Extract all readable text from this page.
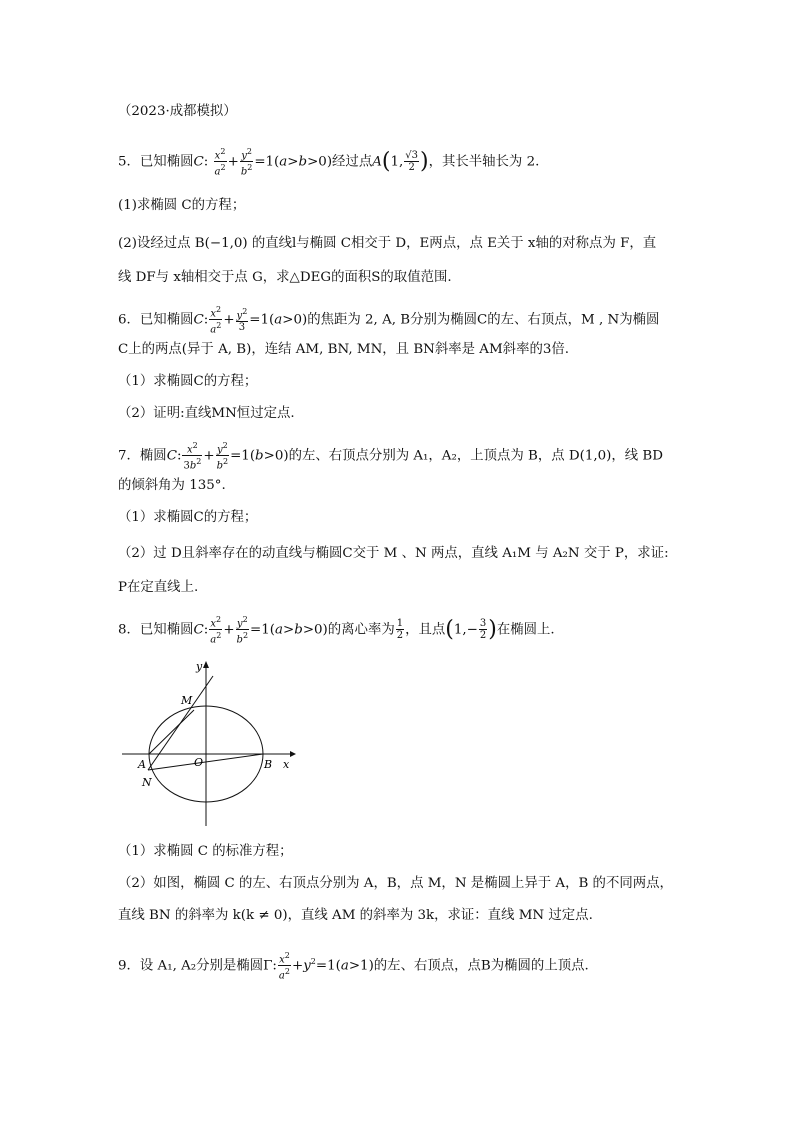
（2023·成都模拟）
5．已知椭圆C: $\frac{x^2}{a^2} + \frac{y^2}{b^2} =1(a>b>0)$经过点A(1, $\frac{√3}{2}$ )，其长半轴长为 2.
(1)求椭圆 C的方程；
(2)设经过点 B(−1,0) 的直线l与椭圆 C相交于 D，E两点，点 E关于 x轴的对称点为 F，直
线 DF与 x轴相交于点 G，求△DEG的面积S的取值范围.
6．已知椭圆C: $\frac{x^2}{a^2} + \frac{y^2}{3} =1(a>0)$的焦距为 2, A, B分别为椭圆C的左、右顶点，M , N为椭圆
C上的两点(异于 A, B)，连结 AM, BN, MN，且 BN斜率是 AM斜率的3倍.
（1）求椭圆C的方程；
（2）证明:直线MN恒过定点.
7．椭圆C: $\frac{x^2}{3b^2} + \frac{y^2}{b^2} =1(b>0)$的左、右顶点分别为 A₁，A₂，上顶点为 B，点 D(1,0)，线 BD
的倾斜角为 135°.
（1）求椭圆C的方程；
（2）过 D且斜率存在的动直线与椭圆C交于 M 、N 两点，直线 A₁M 与 A₂N 交于 P，求证:
P在定直线上.
8．已知椭圆C: $\frac{x^2}{a^2} + \frac{y^2}{b^2} =1(a>b>0)$的离心率为 $\frac{1}{2}$ ，且点($1,- \frac{3}{2}$ )在椭圆上.
y
M
A	O	B x
N
（1）求椭圆 C 的标准方程；
（2）如图，椭圆 C 的左、右顶点分别为 A，B，点 M，N 是椭圆上异于 A，B 的不同两点，
直线 BN 的斜率为 k(k ≠ 0)，直线 AM 的斜率为 3k，求证：直线 MN 过定点.
9．设 A₁, A₂分别是椭圆Γ: $\frac{x^2}{a^2} +y^2=1(a>1)$的左、右顶点，点B为椭圆的上顶点.
